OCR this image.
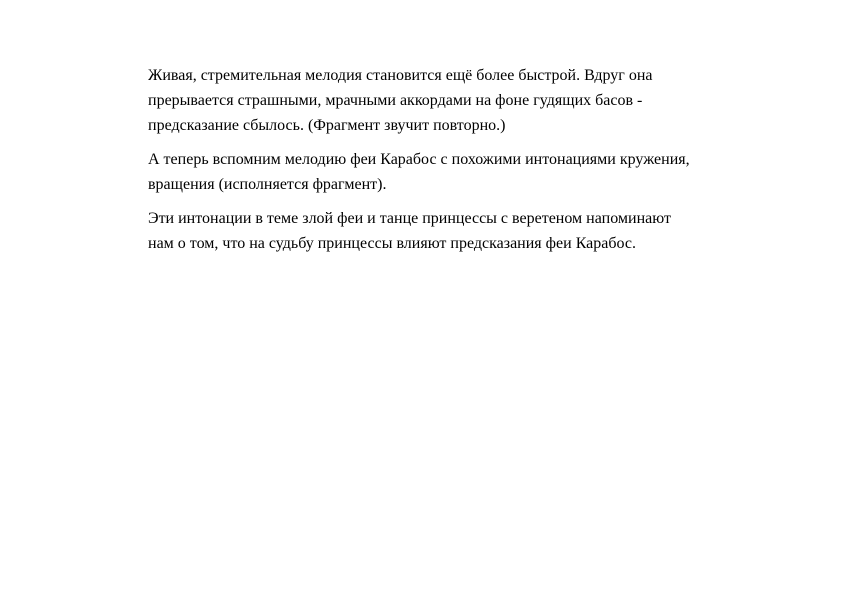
Живая, стремительная мелодия становится ещё более быстрой. Вдруг она
прерывается страшными, мрачными аккордами на фоне гудящих басов -
предсказание сбылось. (Фрагмент звучит повторно.)

А теперь вспомним мелодию феи Карабос с похожими интонациями кружения,
вращения (исполняется фрагмент).

Эти интонации в теме злой феи и танце принцессы с веретеном напоминают
нам о том, что на судьбу принцессы влияют предсказания феи Карабос.
